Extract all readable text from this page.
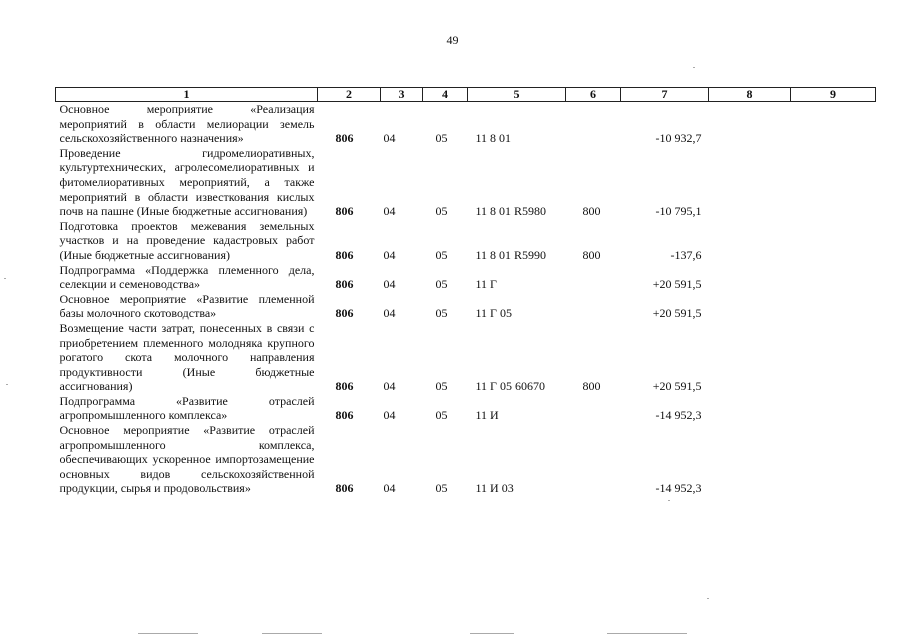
49
1	2	3	4	5	6	7	8	9

Основное мероприятие «Реализация мероприятий в области мелиорации земель сельскохозяйственного назначения»	806	04	05	11 8 01		-10 932,7		

Проведение гидромелиоративных, культуртехнических, агролесомелиоративных и фитомелиоративных мероприятий, а также мероприятий в области известкования кислых почв на пашне (Иные бюджетные ассигнования)	806	04	05	11 8 01 R5980	800	-10 795,1		

Подготовка проектов межевания земельных участков и на проведение кадастровых работ (Иные бюджетные ассигнования)	806	04	05	11 8 01 R5990	800	-137,6		

Подпрограмма «Поддержка племенного дела, селекции и семеноводства»	806	04	05	11 Г		+20 591,5		

Основное мероприятие «Развитие племенной базы молочного скотоводства»	806	04	05	11 Г 05		+20 591,5		

Возмещение части затрат, понесенных в связи с приобретением племенного молодняка крупного рогатого скота молочного направления продуктивности (Иные бюджетные ассигнования)	806	04	05	11 Г 05 60670	800	+20 591,5		

Подпрограмма «Развитие отраслей агропромышленного комплекса»	806	04	05	11 И		-14 952,3		

Основное мероприятие «Развитие отраслей агропромышленного комплекса, обеспечивающих ускоренное импортозамещение основных видов сельскохозяйственной продукции, сырья и продовольствия»	806	04	05	11 И 03		-14 952,3		
